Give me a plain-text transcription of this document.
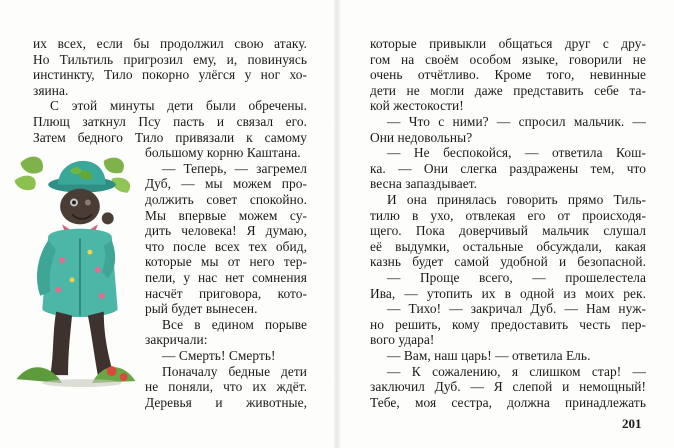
их всех, если бы продолжил свою атаку.
Но Тильтиль пригрозил ему, и, повинуясь
инстинкту, Тило покорно улёгся у ног хо-
зяина.
С этой минуты дети были обречены.
Плющ заткнул Псу пасть и связал его.
Затем бедного Тило привязали к самому
большому корню Каштана.
— Теперь, — загремел
Дуб, — мы можем про-
должить совет спокойно.
Мы впервые можем су-
дить человека! Я думаю,
что после всех тех обид,
которые мы от него тер-
пели, у нас нет сомнения
насчёт приговора, кото-
рый будет вынесен.
Все в едином порыве
закричали:
— Смерть! Смерть!
Поначалу бедные дети
не поняли, что их ждёт.
Деревья и животные,
которые привыкли общаться друг с дру-
гом на своём особом языке, говорили не
очень отчётливо. Кроме того, невинные
дети не могли даже представить себе та-
кой жестокости!
— Что с ними? — спросил мальчик. —
Они недовольны?
— Не беспокойся, — ответила Кош-
ка. — Они слегка раздражены тем, что
весна запаздывает.
И она принялась говорить прямо Тиль-
тилю в ухо, отвлекая его от происходя-
щего. Пока доверчивый мальчик слушал
её выдумки, остальные обсуждали, какая
казнь будет самой удобной и безопасной.
— Проще всего, — прошелестела
Ива, — утопить их в одной из моих рек.
— Тихо! — закричал Дуб. — Нам нуж-
но решить, кому предоставить честь пер-
вого удара!
— Вам, наш царь! — ответила Ель.
— К сожалению, я слишком стар! —
заключил Дуб. — Я слепой и немощный!
Тебе, моя сестра, должна принадлежать
201
